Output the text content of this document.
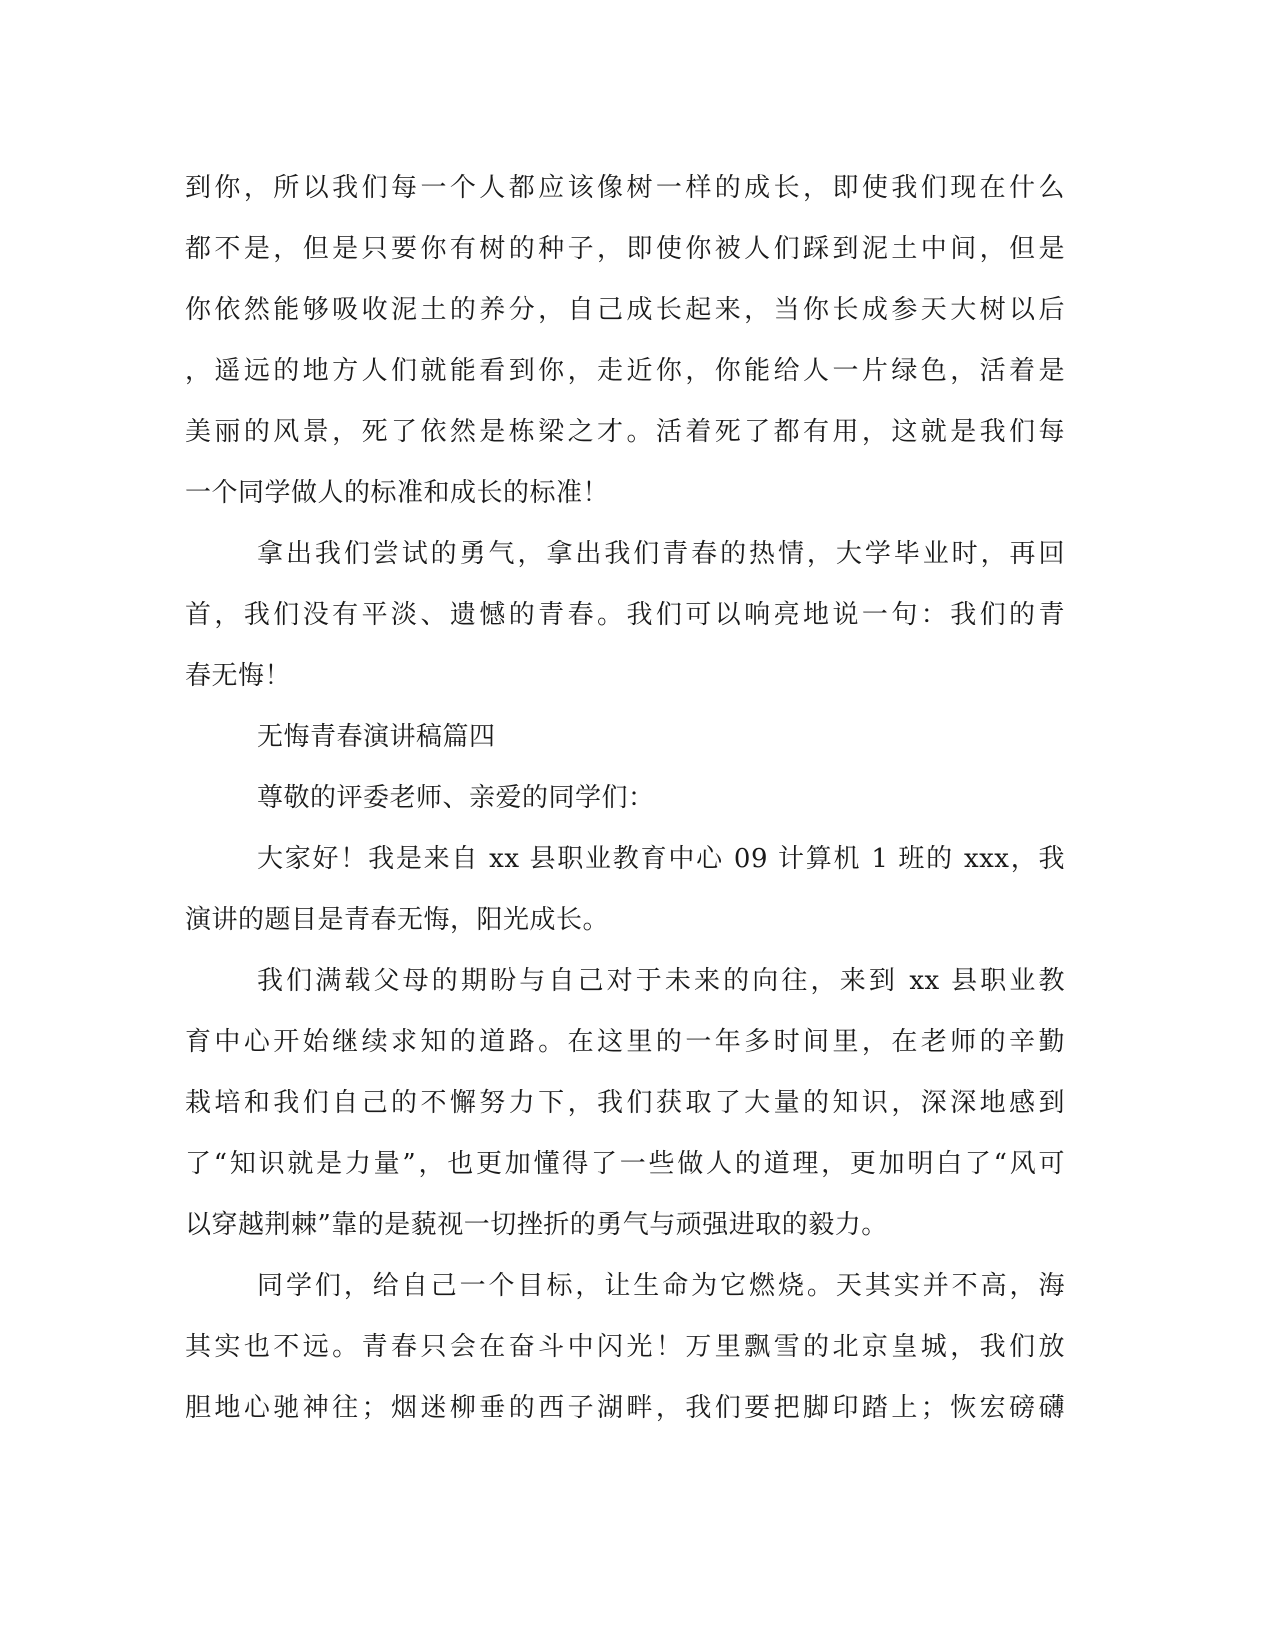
到你，所以我们每一个人都应该像树一样的成长，即使我们现在什么
都不是，但是只要你有树的种子，即使你被人们踩到泥土中间，但是
你依然能够吸收泥土的养分，自己成长起来，当你长成参天大树以后
，遥远的地方人们就能看到你，走近你，你能给人一片绿色，活着是
美丽的风景，死了依然是栋梁之才。活着死了都有用，这就是我们每
一个同学做人的标准和成长的标准！
拿出我们尝试的勇气，拿出我们青春的热情，大学毕业时，再回
首，我们没有平淡、遗憾的青春。我们可以响亮地说一句：我们的青
春无悔！
无悔青春演讲稿篇四
尊敬的评委老师、亲爱的同学们：
大家好！我是来自 xx 县职业教育中心 09 计算机 1 班的 xxx，我
演讲的题目是青春无悔，阳光成长。
我们满载父母的期盼与自己对于未来的向往，来到 xx 县职业教
育中心开始继续求知的道路。在这里的一年多时间里，在老师的辛勤
栽培和我们自己的不懈努力下，我们获取了大量的知识，深深地感到
了“知识就是力量”，也更加懂得了一些做人的道理，更加明白了“风可
以穿越荆棘”靠的是藐视一切挫折的勇气与顽强进取的毅力。
同学们，给自己一个目标，让生命为它燃烧。天其实并不高，海
其实也不远。青春只会在奋斗中闪光！万里飘雪的北京皇城，我们放
胆地心驰神往；烟迷柳垂的西子湖畔，我们要把脚印踏上；恢宏磅礴
